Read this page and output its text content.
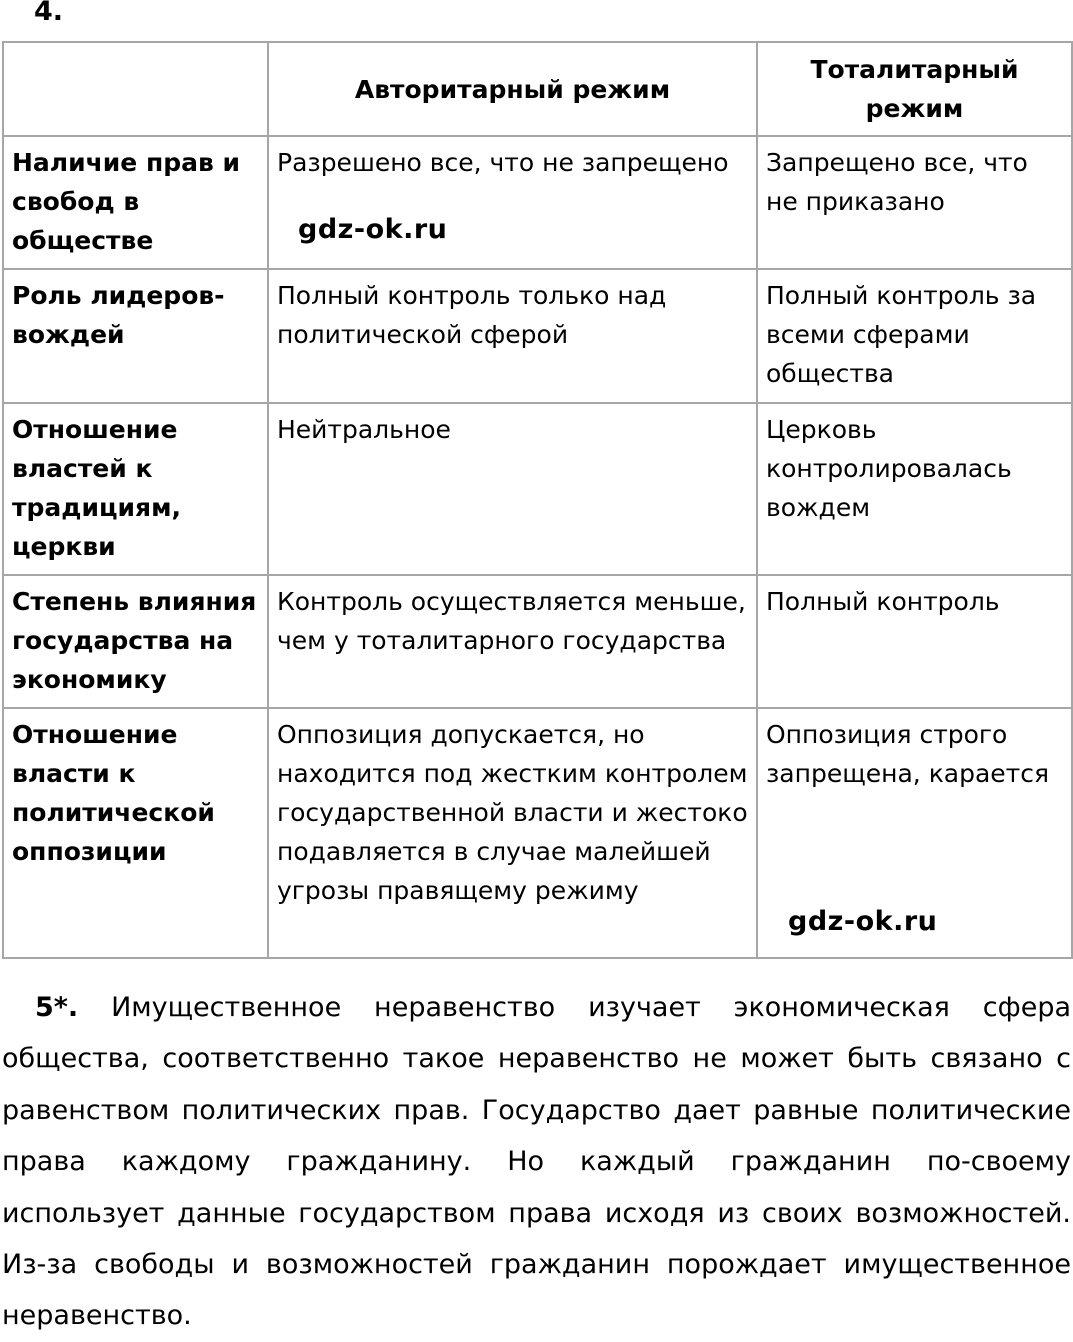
4.
	Авторитарный режим	Тоталитарный режим
Наличие прав и свобод в обществе	Разрешено все, что не запрещено	Запрещено все, что не приказано
Роль лидеров-вождей	Полный контроль только над политической сферой	Полный контроль за всеми сферами общества
Отношение властей к традициям, церкви	Нейтральное	Церковь контролировалась вождем
Степень влияния государства на экономику	Контроль осуществляется меньше, чем у тоталитарного государства	Полный контроль
Отношение власти к политической оппозиции	Оппозиция допускается, но находится под жестким контролем государственной власти и жестоко подавляется в случае малейшей угрозы правящему режиму	Оппозиция строго запрещена, карается
gdz-ok.ru
gdz-ok.ru
5*. Имущественное неравенство изучает экономическая сфера общества, соответственно такое неравенство не может быть связано с равенством политических прав. Государство дает равные политические права каждому гражданину. Но каждый гражданин по-своему использует данные государством права исходя из своих возможностей. Из-за свободы и возможностей гражданин порождает имущественное неравенство.
